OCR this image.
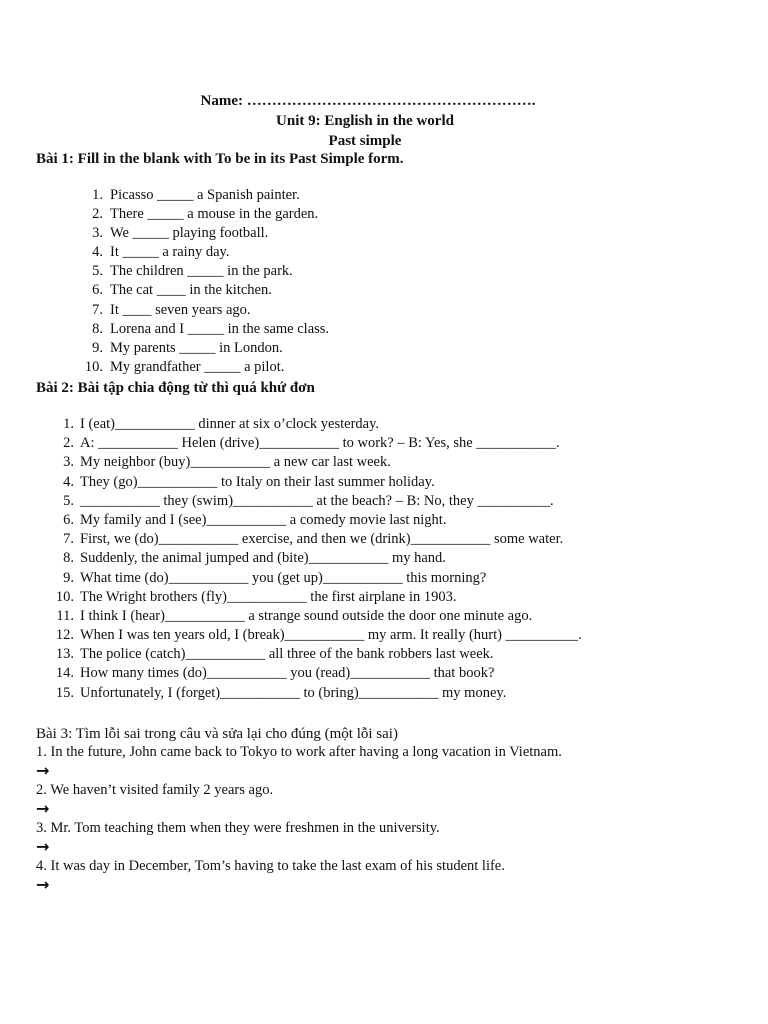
Name: ………………………………………………….
Unit 9: English in the world
Past simple
Bài 1: Fill in the blank with To be in its Past Simple form.
1. Picasso _____ a Spanish painter.
2. There _____ a mouse in the garden.
3. We _____ playing football.
4. It _____ a rainy day.
5. The children _____ in the park.
6. The cat ____ in the kitchen.
7. It ____ seven years ago.
8. Lorena and I _____ in the same class.
9. My parents _____ in London.
10. My grandfather _____ a pilot.
Bài 2: Bài tập chia động từ thì quá khứ đơn
1. I (eat)___________ dinner at six o’clock yesterday.
2. A: ___________ Helen (drive)___________ to work? – B: Yes, she ___________.
3. My neighbor (buy)___________ a new car last week.
4. They (go)___________ to Italy on their last summer holiday.
5. ___________ they (swim)___________ at the beach? – B: No, they __________.
6. My family and I (see)___________ a comedy movie last night.
7. First, we (do)___________ exercise, and then we (drink)___________ some water.
8. Suddenly, the animal jumped and (bite)___________ my hand.
9. What time (do)___________ you (get up)___________ this morning?
10. The Wright brothers (fly)___________ the first airplane in 1903.
11. I think I (hear)___________ a strange sound outside the door one minute ago.
12. When I was ten years old, I (break)___________ my arm. It really (hurt) __________.
13. The police (catch)___________ all three of the bank robbers last week.
14. How many times (do)___________ you (read)___________ that book?
15. Unfortunately, I (forget)___________ to (bring)___________ my money.
Bài 3: Tìm lỗi sai trong câu và sửa lại cho đúng (một lỗi sai)
1. In the future, John came back to Tokyo to work after having a long vacation in Vietnam.
→
2. We haven’t visited family 2 years ago.
→
3. Mr. Tom teaching them when they were freshmen in the university.
→
4. It was day in December, Tom’s having to take the last exam of his student life.
→
